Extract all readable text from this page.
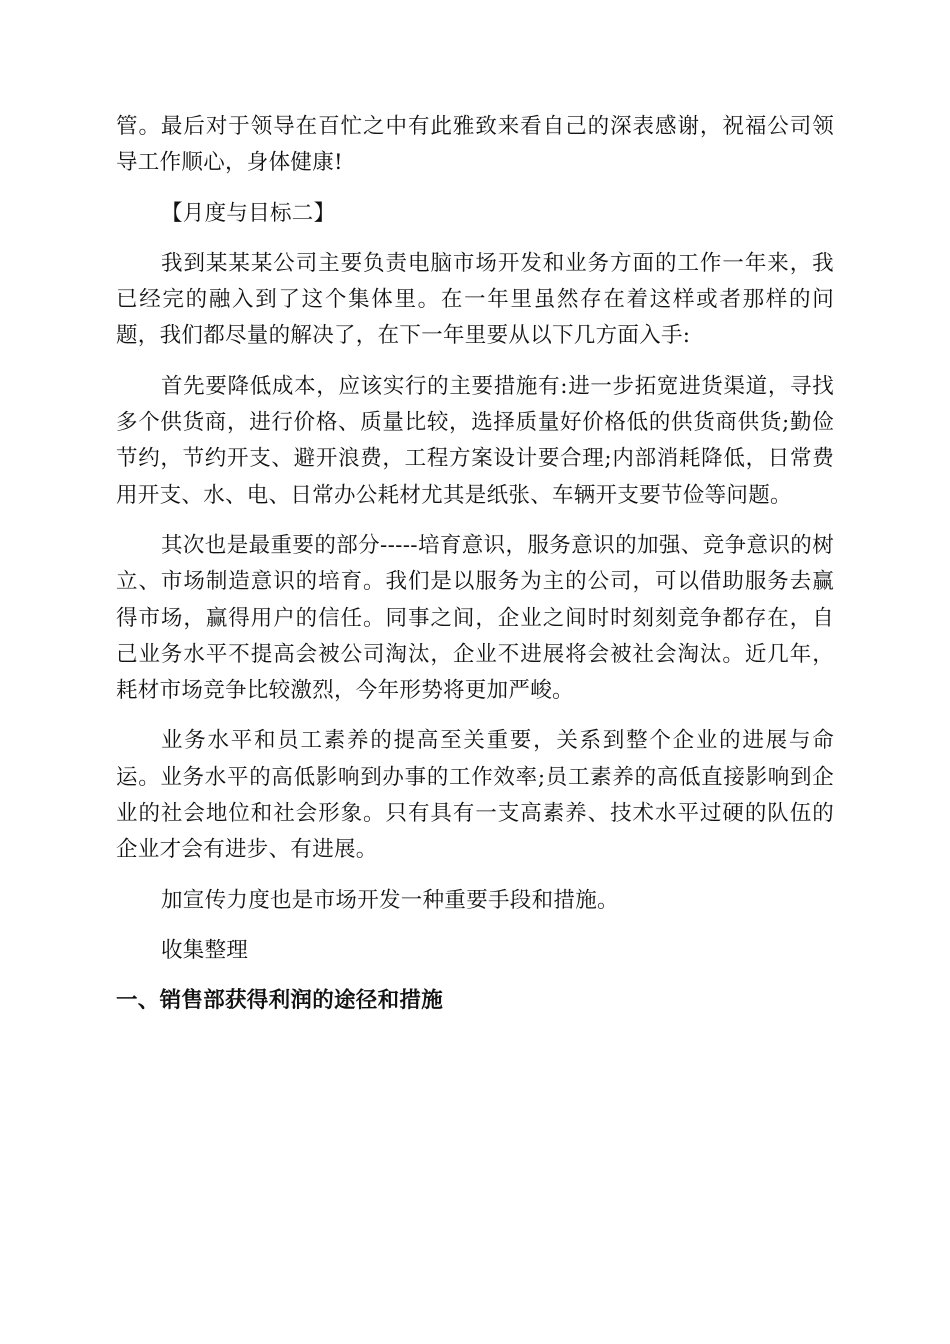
管。最后对于领导在百忙之中有此雅致来看自己的深表感谢，祝福公司领导工作顺心，身体健康!

【月度与目标二】

我到某某某公司主要负责电脑市场开发和业务方面的工作一年来，我已经完的融入到了这个集体里。在一年里虽然存在着这样或者那样的问题，我们都尽量的解决了，在下一年里要从以下几方面入手:

首先要降低成本，应该实行的主要措施有:进一步拓宽进货渠道，寻找多个供货商，进行价格、质量比较，选择质量好价格低的供货商供货;勤俭节约，节约开支、避开浪费，工程方案设计要合理;内部消耗降低，日常费用开支、水、电、日常办公耗材尤其是纸张、车辆开支要节俭等问题。

其次也是最重要的部分-----培育意识，服务意识的加强、竞争意识的树立、市场制造意识的培育。我们是以服务为主的公司，可以借助服务去赢得市场，赢得用户的信任。同事之间，企业之间时时刻刻竞争都存在，自己业务水平不提高会被公司淘汰，企业不进展将会被社会淘汰。近几年，耗材市场竞争比较激烈，今年形势将更加严峻。

业务水平和员工素养的提高至关重要，关系到整个企业的进展与命运。业务水平的高低影响到办事的工作效率;员工素养的高低直接影响到企业的社会地位和社会形象。只有具有一支高素养、技术水平过硬的队伍的企业才会有进步、有进展。

加宣传力度也是市场开发一种重要手段和措施。

收集整理

一、销售部获得利润的途径和措施
